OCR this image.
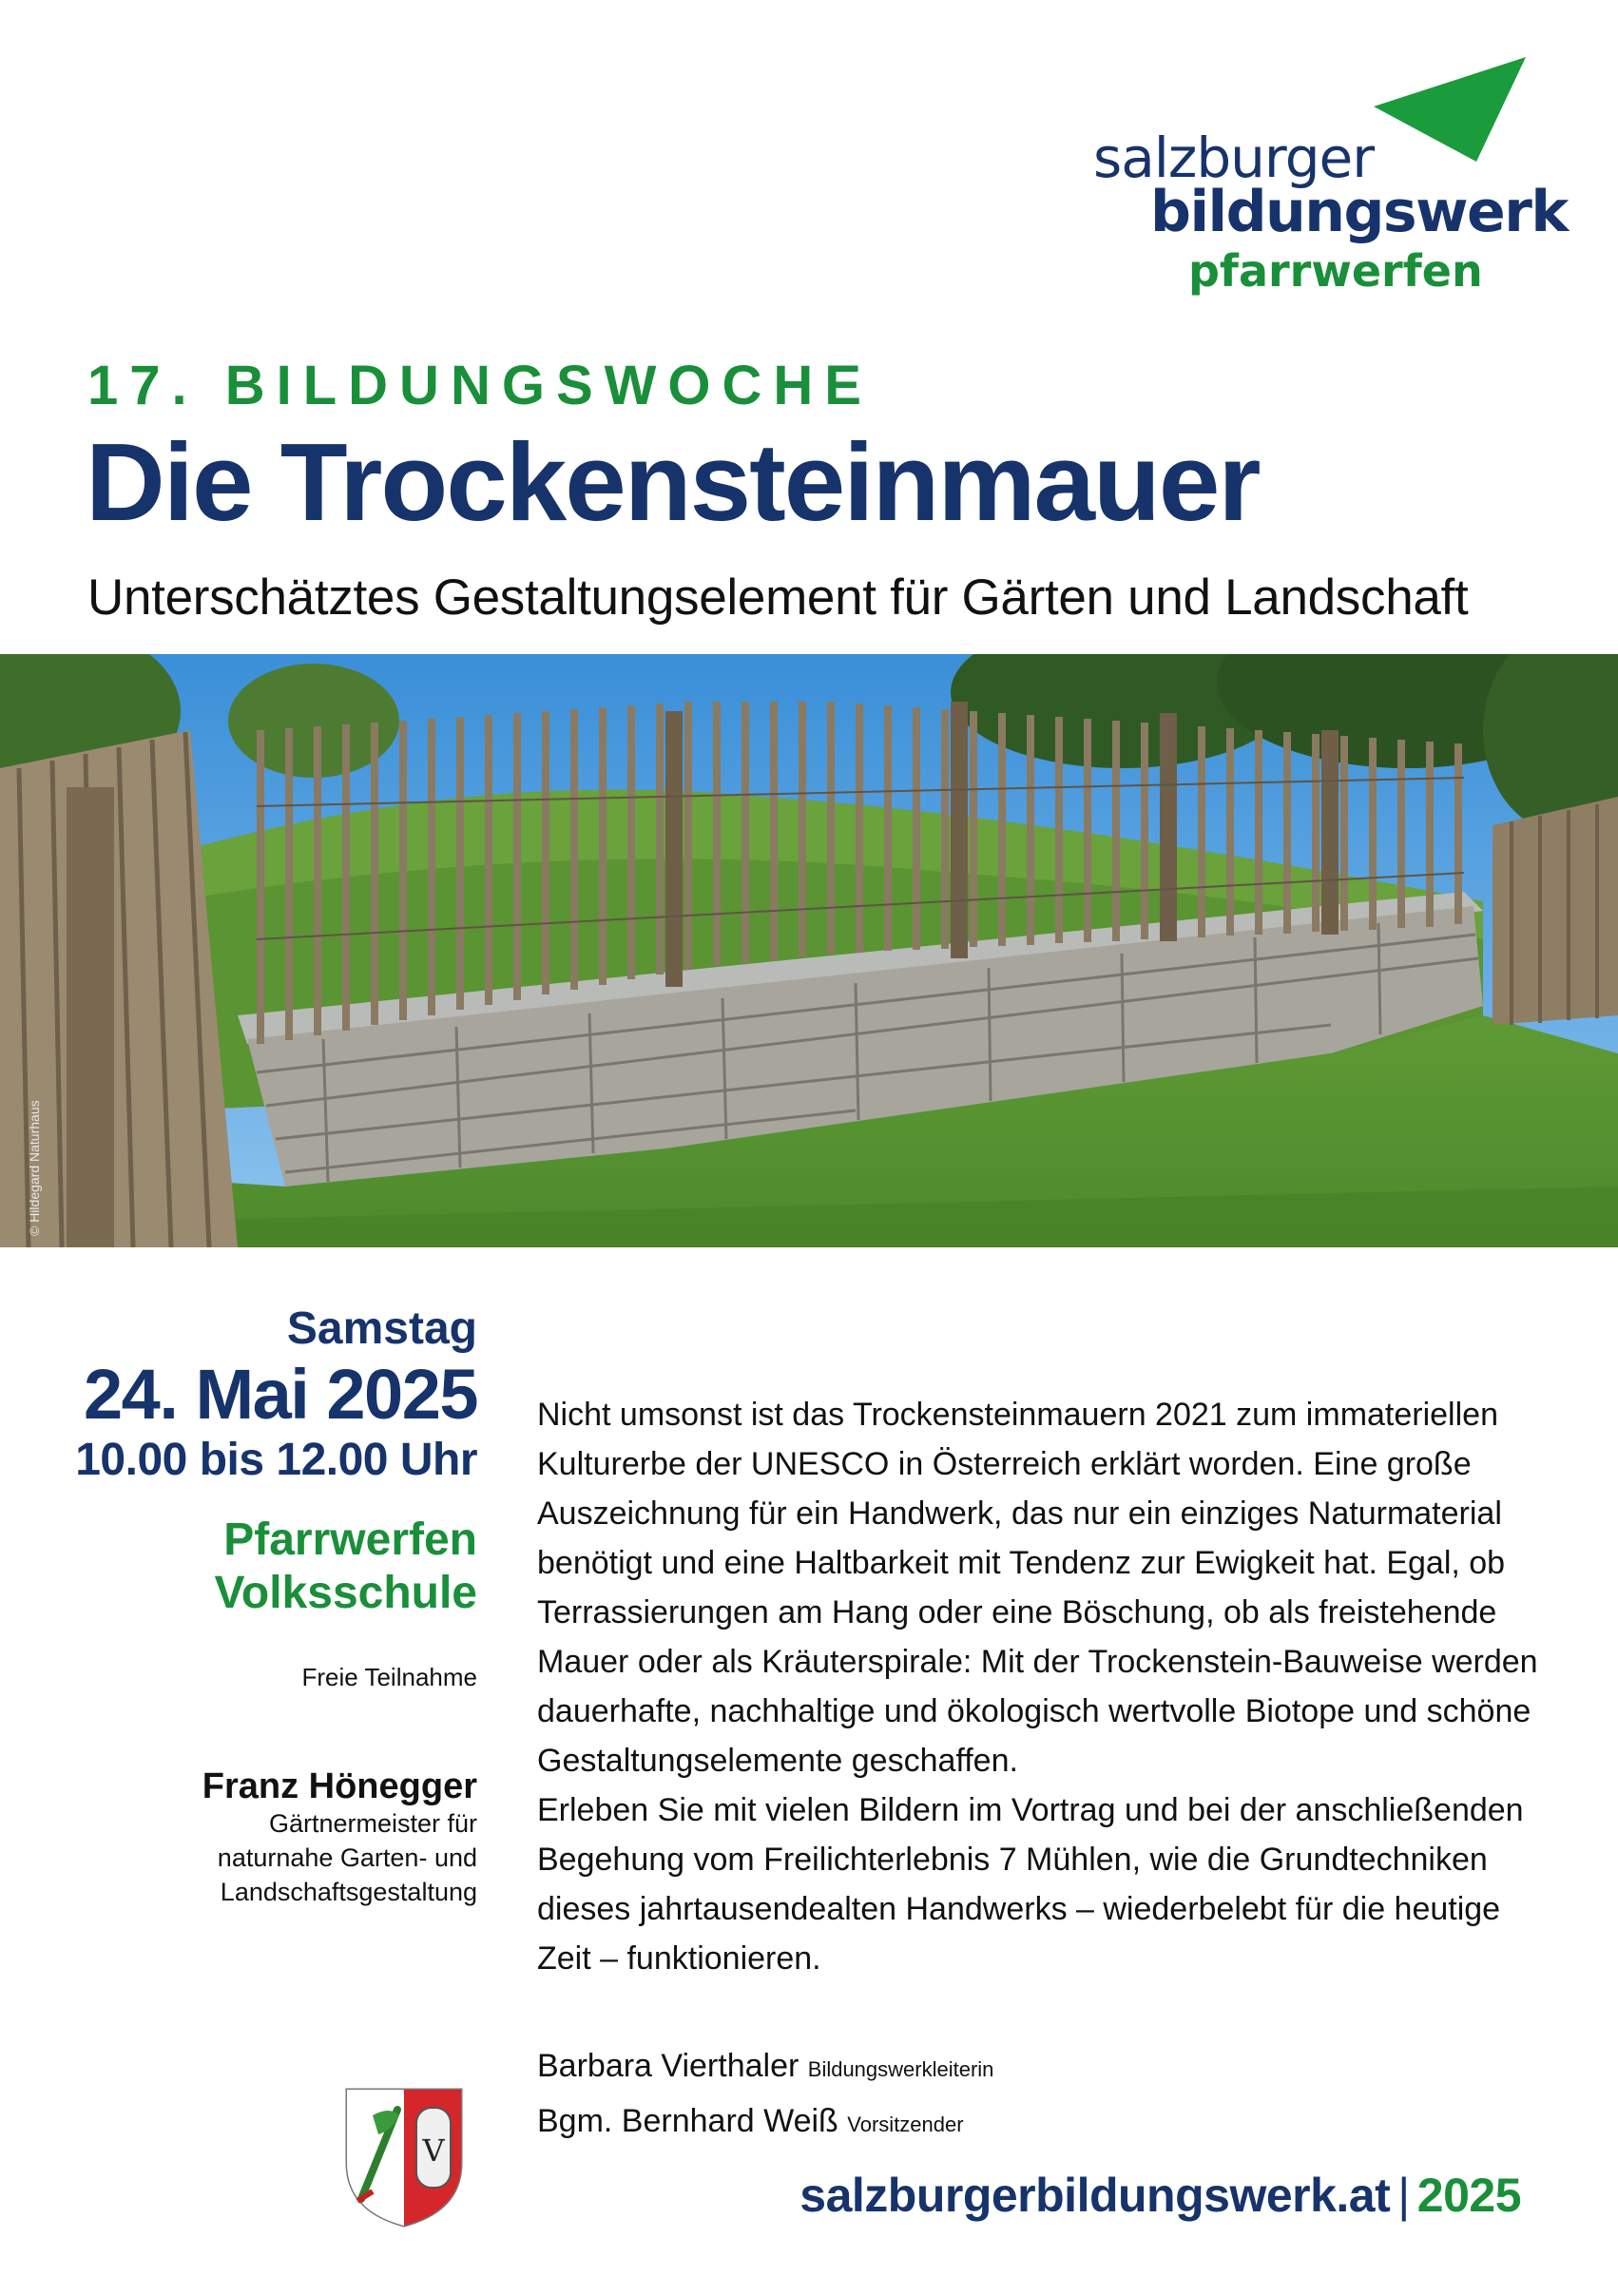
salzburger
bildungswerk
pfarrwerfen
17. BILDUNGSWOCHE
Die Trockensteinmauer
Unterschätztes Gestaltungselement für Gärten und Landschaft
© Hildegard Naturhaus
Samstag
24. Mai 2025
10.00 bis 12.00 Uhr
Pfarrwerfen
Volksschule
Freie Teilnahme
Franz Hönegger
Gärtnermeister für
naturnahe Garten- und
Landschaftsgestaltung

Nicht umsonst ist das Trockensteinmauern 2021 zum immateriellen Kulturerbe der UNESCO in Österreich erklärt worden. Eine große Auszeichnung für ein Handwerk, das nur ein einziges Naturmaterial benötigt und eine Haltbarkeit mit Tendenz zur Ewigkeit hat. Egal, ob Terrassierungen am Hang oder eine Böschung, ob als freistehende Mauer oder als Kräuterspirale: Mit der Trockenstein-Bauweise werden dauerhafte, nachhaltige und ökologisch wertvolle Biotope und schöne Gestaltungselemente geschaffen.

Erleben Sie mit vielen Bildern im Vortrag und bei der anschließenden Begehung vom Freilichterlebnis 7 Mühlen, wie die Grundtechniken dieses jahrtausendealten Handwerks – wiederbelebt für die heutige Zeit – funktionieren.

Barbara Vierthaler Bildungswerkleiterin
Bgm. Bernhard Weiß Vorsitzender
V
salzburgerbildungswerk.at | 2025
